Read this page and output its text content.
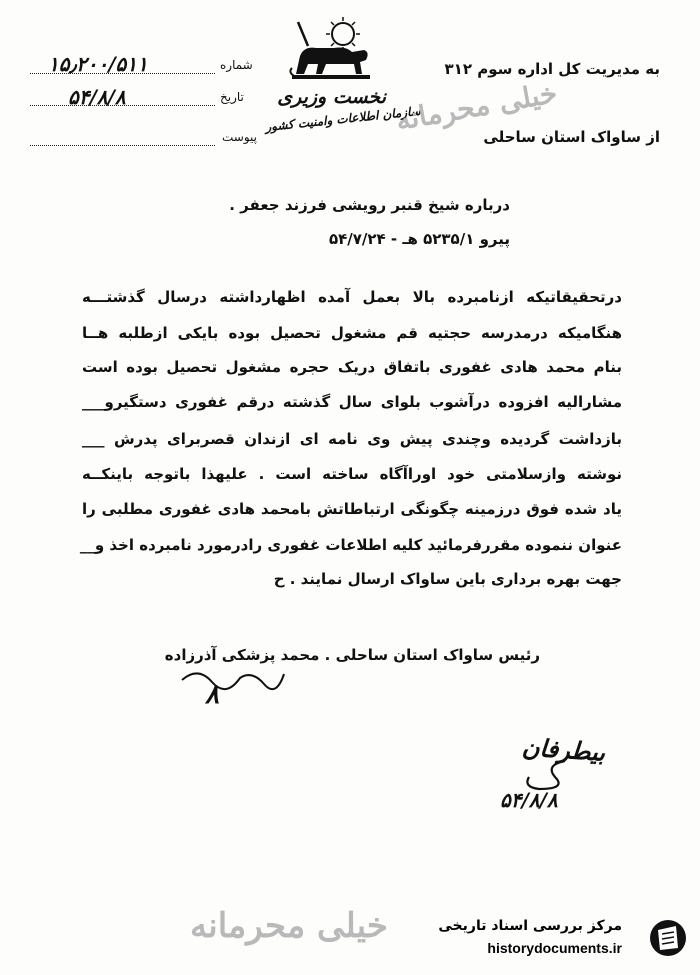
نخست وزیری
سازمان اطلاعات وامنیت کشور
خیلی محرمانه
شماره
۱۵٫۲۰۰/۵۱۱
تاریخ
۵۴/۸/۸
پیوست
به مدیریت کل اداره سوم ۳۱۲
از ساواک استان ساحلی
درباره شیخ قنبر رویشی فرزند جعفر .
پیرو ۵۲۳۵/۱ هـ - ۵۴/۷/۲۴
درتحقیقاتیکه ازنامبرده بالا بعمل آمده اظهارداشته درسال گذشتـــه
هنگامیکه درمدرسه حجتیه قم مشغول تحصیل بوده بایکی ازطلبه هــا
بنام محمد هادی غفوری باتفاق دریک حجره مشغول تحصیل بوده است
مشارالیه افزوده درآشوب بلوای سال گذشته درقم غفوری دستگیرو___
بازداشت گردیده وچندی پیش وی نامه ای ازندان قصربرای پدرش ___
نوشته وازسلامتی خود اوراآگاه ساخته است . علیهذا باتوجه باینکــه
یاد شده فوق درزمینه چگونگی ارتباطاتش بامحمد هادی غفوری مطلبی را
عنوان ننموده مقررفرمائید کلیه اطلاعات غفوری رادرمورد نامبرده اخذ و__
جهت بهره برداری باین ساواک ارسال نمایند . ح
رئیس ساواک استان ساحلی . محمد پزشکی آذرزاده
۸
بیطرفان
۵۴/۸/۸
خیلی محرمانه	مرکز بررسی اسناد تاریخی
historydocuments.ir
